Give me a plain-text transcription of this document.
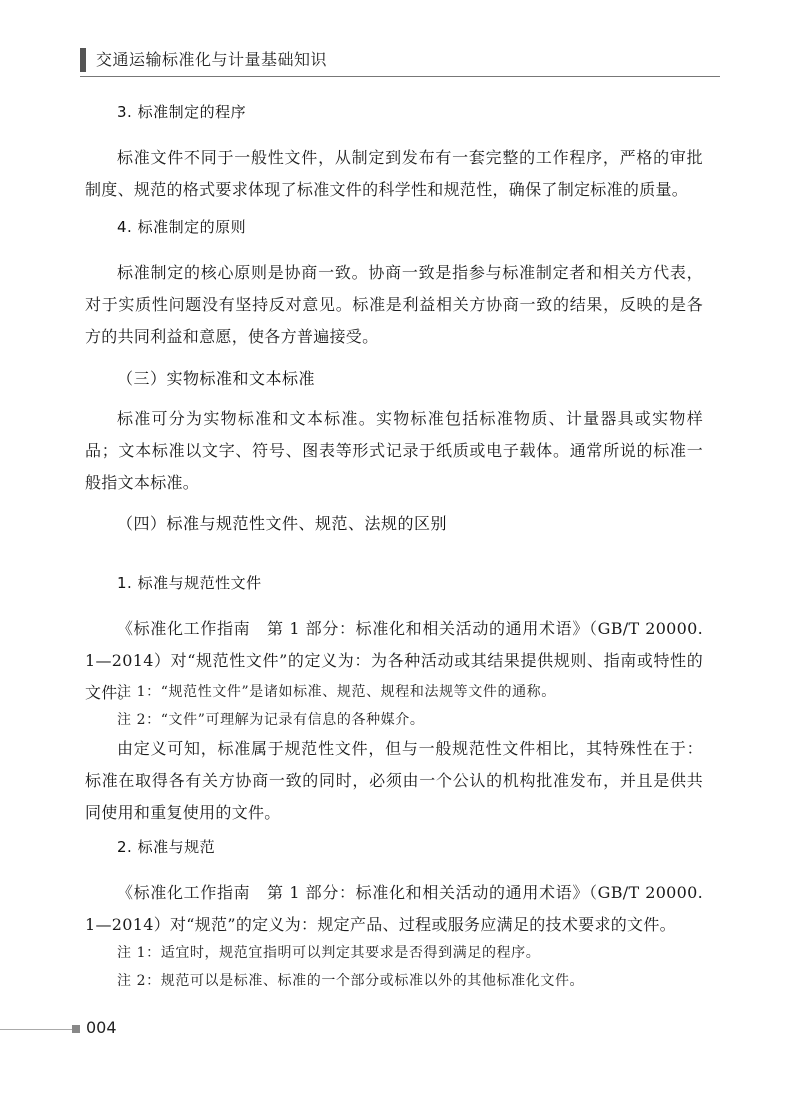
交通运输标准化与计量基础知识
3. 标准制定的程序
标准文件不同于一般性文件，从制定到发布有一套完整的工作程序，严格的审批制度、规范的格式要求体现了标准文件的科学性和规范性，确保了制定标准的质量。
4. 标准制定的原则
标准制定的核心原则是协商一致。协商一致是指参与标准制定者和相关方代表，对于实质性问题没有坚持反对意见。标准是利益相关方协商一致的结果，反映的是各方的共同利益和意愿，使各方普遍接受。
（三）实物标准和文本标准
标准可分为实物标准和文本标准。实物标准包括标准物质、计量器具或实物样品；文本标准以文字、符号、图表等形式记录于纸质或电子载体。通常所说的标准一般指文本标准。
（四）标准与规范性文件、规范、法规的区别
1. 标准与规范性文件
《标准化工作指南　第 1 部分：标准化和相关活动的通用术语》（GB/T 20000. 1—2014）对“规范性文件”的定义为：为各种活动或其结果提供规则、指南或特性的文件。
注 1：“规范性文件”是诸如标准、规范、规程和法规等文件的通称。
注 2：“文件”可理解为记录有信息的各种媒介。
由定义可知，标准属于规范性文件，但与一般规范性文件相比，其特殊性在于：标准在取得各有关方协商一致的同时，必须由一个公认的机构批准发布，并且是供共同使用和重复使用的文件。
2. 标准与规范
《标准化工作指南　第 1 部分：标准化和相关活动的通用术语》（GB/T 20000. 1—2014）对“规范”的定义为：规定产品、过程或服务应满足的技术要求的文件。
注 1：适宜时，规范宜指明可以判定其要求是否得到满足的程序。
注 2：规范可以是标准、标准的一个部分或标准以外的其他标准化文件。
004
